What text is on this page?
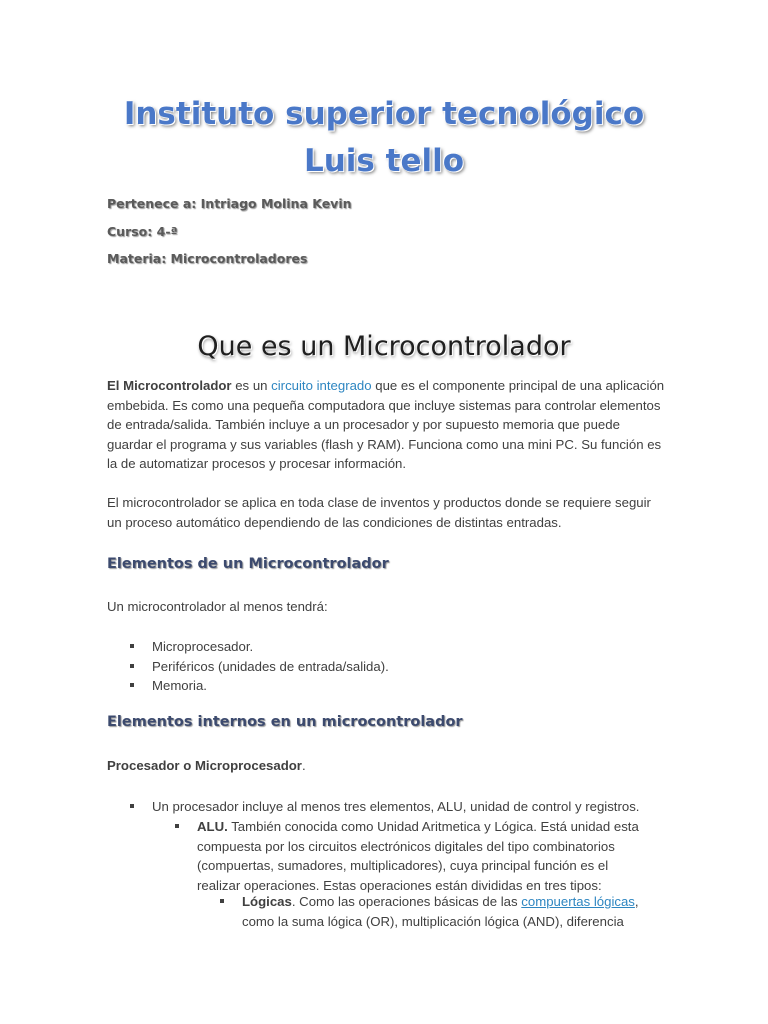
Instituto superior tecnológico
Luis tello

Pertenece a: Intriago Molina Kevin

Curso: 4-ª

Materia: Microcontroladores

Que es un Microcontrolador

El Microcontrolador es un circuito integrado que es el componente principal de una aplicación embebida. Es como una pequeña computadora que incluye sistemas para controlar elementos de entrada/salida. También incluye a un procesador y por supuesto memoria que puede guardar el programa y sus variables (flash y RAM). Funciona como una mini PC. Su función es la de automatizar procesos y procesar información.

El microcontrolador se aplica en toda clase de inventos y productos donde se requiere seguir un proceso automático dependiendo de las condiciones de distintas entradas.

Elementos de un Microcontrolador

Un microcontrolador al menos tendrá:

Microprocesador.
Periféricos (unidades de entrada/salida).
Memoria.
Elementos internos en un microcontrolador

Procesador o Microprocesador.

Un procesador incluye al menos tres elementos, ALU, unidad de control y registros.
ALU. También conocida como Unidad Aritmetica y Lógica. Está unidad esta compuesta por los circuitos electrónicos digitales del tipo combinatorios (compuertas, sumadores, multiplicadores), cuya principal función es el realizar operaciones. Estas operaciones están divididas en tres tipos:
Lógicas. Como las operaciones básicas de las compuertas lógicas, como la suma lógica (OR), multiplicación lógica (AND), diferencia
